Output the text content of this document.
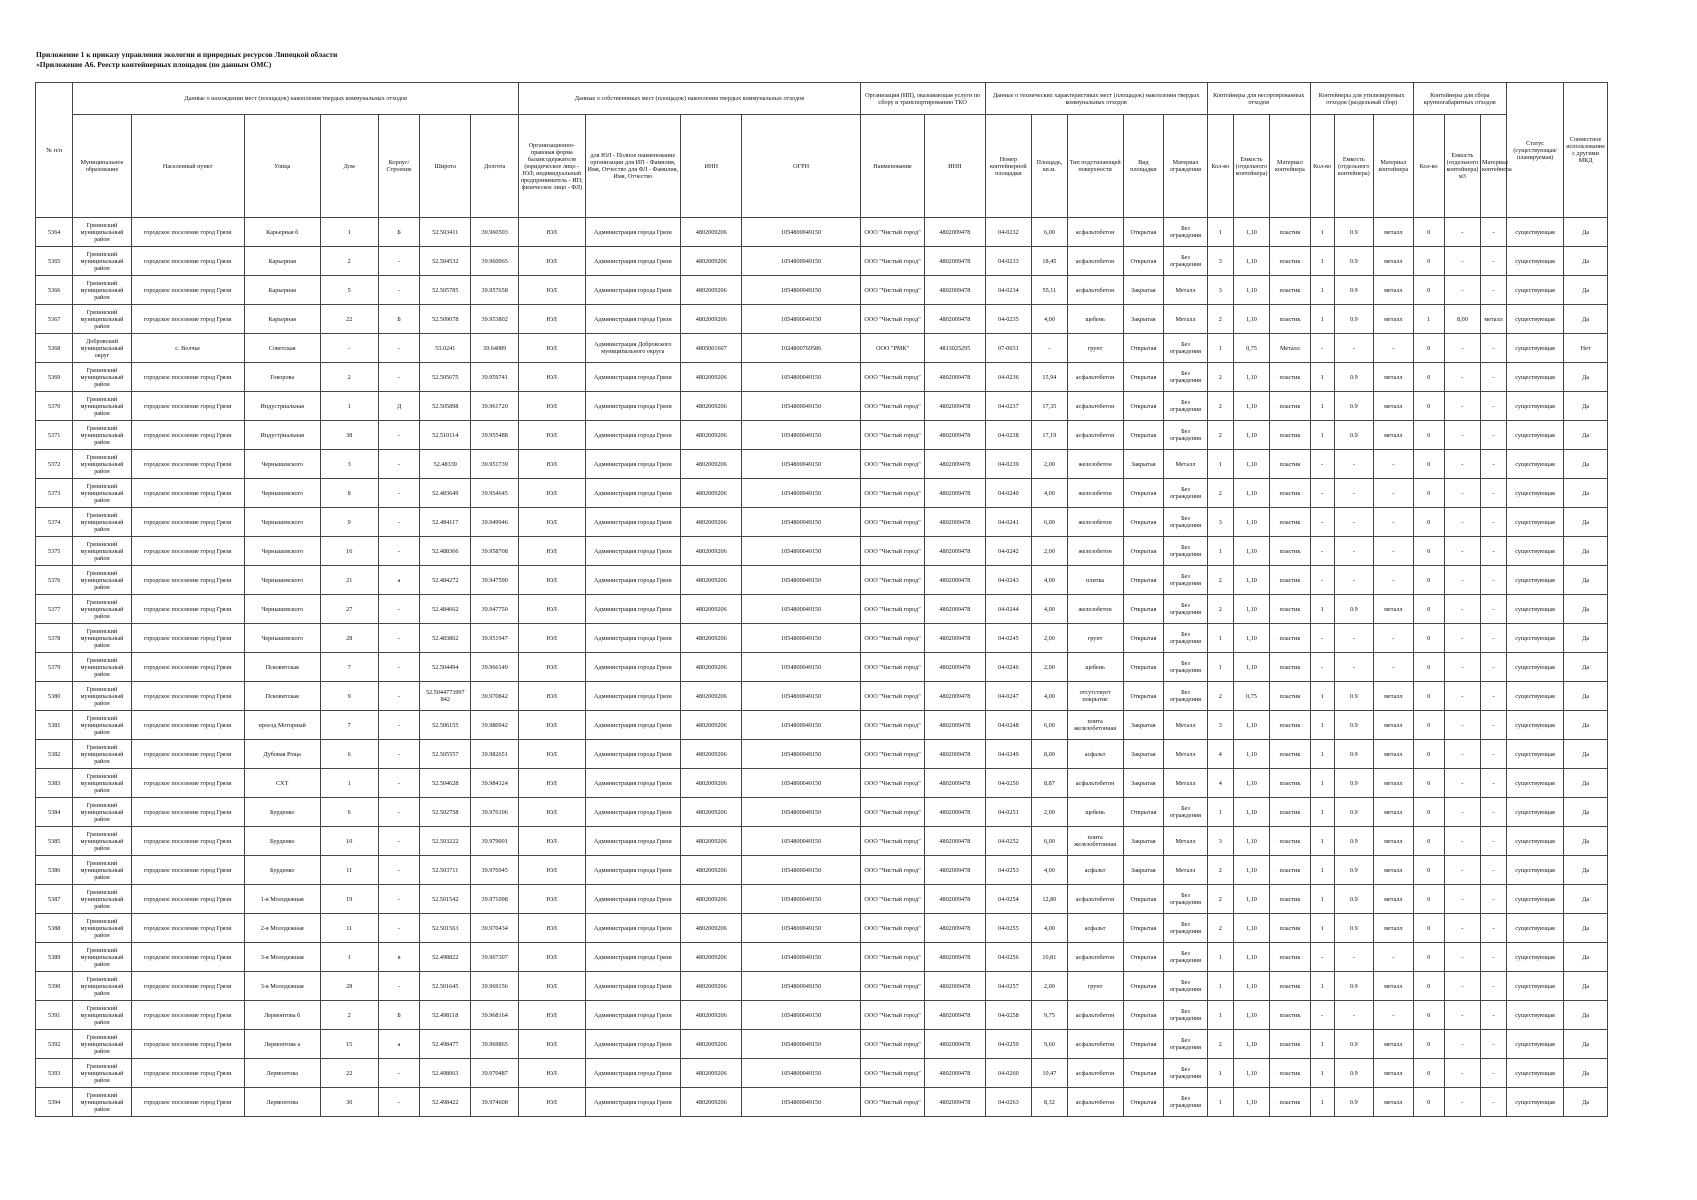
Приложение 1 к приказу управления экологии и природных ресурсов Липецкой области
«Приложение А6. Реестр контейнерных площадок (по данным ОМС)
№ п/п	Данные о нахождении мест (площадок) накопления твердых коммунальных отходов							Данные о собственниках мест (площадок) накопления твердых коммунальных отходов				Организация (ИП), оказывающая услуги по сбору и транспортированию ТКО		Данные о технических характеристиках мест (площадок) накопления твердых коммунальных отходов					Контейнеры для несортированных отходов			Контейнеры для утилизируемых отходов (раздельный сбор)			Контейнеры для сбора крупногабаритных отходов			Статус (существующая/ планируемая)	Совместное использование с другими МКД
	Муниципальное образование	Населенный пункт	Улица	Дом	Корпус/Строение	Широта	Долгота	Организационно-правовая форма балансодержателя (юридическое лицо - ЮЛ; индивидуальный предприниматель - ИП; физическое лицо - ФЛ)	для ЮЛ - Полное наименование организации для ИП - Фамилия, Имя, Отчество для ФЛ - Фамилия, Имя, Отчество	ИНН	ОГРН	Наименование	ИНН	Номер контейнерной площадки	Площадь, кв.м.	Тип подстилающей поверхности	Вид площадки	Материал ограждения	Кол-во	Емкость (отдельного контейнера)	Материал контейнера	Кол-во	Емкость (отдельного контейнера)	Материал контейнера	Кол-во	Емкость (отдельного контейнера) м3	Материал контейнера		
5364	Грязинский муниципальный район	городское поселение город Грязи	Карьерная б	1	Б	52.503411	39.960503	ЮЛ	Администрация города Грязи	4802009206	1054800049150	ООО "Чистый город"	4802009478	04-0232	6,00	асфальтобетон	Открытая	Без ограждения	1	1,10	пластик	1	0.9	металл	0	-	-	существующая	Да
5365	Грязинский муниципальный район	городское поселение город Грязи	Карьерная	2	-	52.504532	39.960065	ЮЛ	Администрация города Грязи	4802009206	1054800049150	ООО "Чистый город"	4802009478	04-0233	18,45	асфальтобетон	Открытая	Без ограждения	3	1,10	пластик	1	0.9	металл	0	-	-	существующая	Да
5366	Грязинский муниципальный район	городское поселение город Грязи	Карьерная	5	-	52.505785	39.957658	ЮЛ	Администрация города Грязи	4802009206	1054800049150	ООО "Чистый город"	4802009478	04-0234	55,11	асфальтобетон	Закрытая	Металл	3	1,10	пластик	1	0.9	металл	0	-	-	существующая	Да
5367	Грязинский муниципальный район	городское поселение город Грязи	Карьерная	22	Б	52.509078	39.953802	ЮЛ	Администрация города Грязи	4802009206	1054800049150	ООО "Чистый город"	4802009478	04-0235	4,00	щебень	Закрытая	Металл	2	1,10	пластик	1	0.9	металл	1	8,00	металл	существующая	Да
5368	Добровский муниципальный округ	с. Волчье	Советская	-	-	53.0241	39.64089	ЮЛ	Администрация Добровского муниципального округа	4805001607	1024800769586	ООО "РМК"	4813025295	07-0031	-	грунт	Открытая	Без ограждения	1	0,75	Металл	-	-	-	0	-	-	существующая	Нет
5369	Грязинский муниципальный район	городское поселение город Грязи	Говорова	2	-	52.505675	39.959741	ЮЛ	Администрация города Грязи	4802009206	1054800049150	ООО "Чистый город"	4802009478	04-0236	15,94	асфальтобетон	Открытая	Без ограждения	2	1,10	пластик	1	0.9	металл	0	-	-	существующая	Да
5370	Грязинский муниципальный район	городское поселение город Грязи	Индустриальная	1	Д	52.505898	39.961720	ЮЛ	Администрация города Грязи	4802009206	1054800049150	ООО "Чистый город"	4802009478	04-0237	17,35	асфальтобетон	Открытая	Без ограждения	2	1,10	пластик	1	0.9	металл	0	-	-	существующая	Да
5371	Грязинский муниципальный район	городское поселение город Грязи	Индустриальная	38	-	52.510114	39.955488	ЮЛ	Администрация города Грязи	4802009206	1054800049150	ООО "Чистый город"	4802009478	04-0238	17,19	асфальтобетон	Открытая	Без ограждения	2	1,10	пластик	1	0.9	металл	0	-	-	существующая	Да
5372	Грязинский муниципальный район	городское поселение город Грязи	Чернышевского	3	-	52.48339	39.951739	ЮЛ	Администрация города Грязи	4802009206	1054800049150	ООО "Чистый город"	4802009478	04-0239	2,00	железобетон	Закрытая	Металл	1	1,10	пластик	-	-	-	0	-	-	существующая	Да
5373	Грязинский муниципальный район	городское поселение город Грязи	Чернышевского	8	-	52.483649	39.954645	ЮЛ	Администрация города Грязи	4802009206	1054800049150	ООО "Чистый город"	4802009478	04-0240	4,00	железобетон	Открытая	Без ограждения	2	1,10	пластик	-	-	-	0	-	-	существующая	Да
5374	Грязинский муниципальный район	городское поселение город Грязи	Чернышевского	9	-	52.484117	39.949946	ЮЛ	Администрация города Грязи	4802009206	1054800049150	ООО "Чистый город"	4802009478	04-0241	6,00	железобетон	Открытая	Без ограждения	3	1,10	пластик	-	-	-	0	-	-	существующая	Да
5375	Грязинский муниципальный район	городское поселение город Грязи	Чернышевского	16	-	52.488366	39.958708	ЮЛ	Администрация города Грязи	4802009206	1054800049150	ООО "Чистый город"	4802009478	04-0242	2,00	железобетон	Открытая	Без ограждения	1	1,10	пластик	-	-	-	0	-	-	существующая	Да
5376	Грязинский муниципальный район	городское поселение город Грязи	Чернышевского	21	а	52.484272	39.947590	ЮЛ	Администрация города Грязи	4802009206	1054800049150	ООО "Чистый город"	4802009478	04-0243	4,00	плитка	Открытая	Без ограждения	2	1,10	пластик	-	-	-	0	-	-	существующая	Да
5377	Грязинский муниципальный район	городское поселение город Грязи	Чернышевского	27	-	52.484662	39.947750	ЮЛ	Администрация города Грязи	4802009206	1054800049150	ООО "Чистый город"	4802009478	04-0244	4,00	железобетон	Открытая	Без ограждения	2	1,10	пластик	1	0.9	металл	0	-	-	существующая	Да
5378	Грязинский муниципальный район	городское поселение город Грязи	Чернышевского	28	-	52.483862	39.951947	ЮЛ	Администрация города Грязи	4802009206	1054800049150	ООО "Чистый город"	4802009478	04-0245	2,00	грунт	Открытая	Без ограждения	1	1,10	пластик	-	-	-	0	-	-	существующая	Да
5379	Грязинский муниципальный район	городское поселение город Грязи	Псковитская	7	-	52.504494	39.966149	ЮЛ	Администрация города Грязи	4802009206	1054800049150	ООО "Чистый город"	4802009478	04-0246	2,00	щебень	Открытая	Без ограждения	1	1,10	пластик	-	-	-	0	-	-	существующая	Да
5380	Грязинский муниципальный район	городское поселение город Грязи	Псковитская	9	-	52.5044773997 842	39.970842	ЮЛ	Администрация города Грязи	4802009206	1054800049150	ООО "Чистый город"	4802009478	04-0247	4,00	отсутствует покрытие	Открытая	Без ограждения	2	0,75	пластик	1	0.9	металл	0	-	-	существующая	Да
5381	Грязинский муниципальный район	городское поселение город Грязи	проезд Моторный	7	-	52.506155	39.980942	ЮЛ	Администрация города Грязи	4802009206	1054800049150	ООО "Чистый город"	4802009478	04-0248	6,00	плита железобетонная	Закрытая	Металл	3	1,10	пластик	1	0.9	металл	0	-	-	существующая	Да
5382	Грязинский муниципальный район	городское поселение город Грязи	Дубовая Роща	6	-	52.505557	39.982651	ЮЛ	Администрация города Грязи	4802009206	1054800049150	ООО "Чистый город"	4802009478	04-0249	8,00	асфальт	Закрытая	Металл	4	1,10	пластик	1	0.9	металл	0	-	-	существующая	Да
5383	Грязинский муниципальный район	городское поселение город Грязи	СХТ	1	-	52.504628	39.984324	ЮЛ	Администрация города Грязи	4802009206	1054800049150	ООО "Чистый город"	4802009478	04-0250	8,87	асфальтобетон	Закрытая	Металл	4	1,10	пластик	1	0.9	металл	0	-	-	существующая	Да
5384	Грязинский муниципальный район	городское поселение город Грязи	Бурденко	6	-	52.502758	39.976106	ЮЛ	Администрация города Грязи	4802009206	1054800049150	ООО "Чистый город"	4802009478	04-0251	2,00	щебень	Открытая	Без ограждения	1	1,10	пластик	1	0.9	металл	0	-	-	существующая	Да
5385	Грязинский муниципальный район	городское поселение город Грязи	Бурденко	10	-	52.503222	39.979001	ЮЛ	Администрация города Грязи	4802009206	1054800049150	ООО "Чистый город"	4802009478	04-0252	6,00	плита железобетонная	Закрытая	Металл	3	1,10	пластик	1	0.9	металл	0	-	-	существующая	Да
5386	Грязинский муниципальный район	городское поселение город Грязи	Бурденко	11	-	52.503711	39.976945	ЮЛ	Администрация города Грязи	4802009206	1054800049150	ООО "Чистый город"	4802009478	04-0253	4,00	асфальт	Закрытая	Металл	2	1,10	пластик	1	0.9	металл	0	-	-	существующая	Да
5387	Грязинский муниципальный район	городское поселение город Грязи	1-я Молодежная	19	-	52.501542	39.971098	ЮЛ	Администрация города Грязи	4802009206	1054800049150	ООО "Чистый город"	4802009478	04-0254	12,80	асфальтобетон	Открытая	Без ограждения	2	1,10	пластик	1	0.9	металл	0	-	-	существующая	Да
5388	Грязинский муниципальный район	городское поселение город Грязи	2-я Молодежная	11	-	52.501563	39.970434	ЮЛ	Администрация города Грязи	4802009206	1054800049150	ООО "Чистый город"	4802009478	04-0255	4,00	асфальт	Открытая	Без ограждения	2	1,10	пластик	1	0.9	металл	0	-	-	существующая	Да
5389	Грязинский муниципальный район	городское поселение город Грязи	3-я Молодежная	1	в	52.498822	39.967307	ЮЛ	Администрация города Грязи	4802009206	1054800049150	ООО "Чистый город"	4802009478	04-0256	10,81	асфальтобетон	Открытая	Без ограждения	1	1,10	пластик	-	-	-	0	-	-	существующая	Да
5390	Грязинский муниципальный район	городское поселение город Грязи	3-я Молодежная	28	-	52.501645	39.969156	ЮЛ	Администрация города Грязи	4802009206	1054800049150	ООО "Чистый город"	4802009478	04-0257	2,00	грунт	Открытая	Без ограждения	1	1,10	пластик	1	0.9	металл	0	-	-	существующая	Да
5391	Грязинский муниципальный район	городское поселение город Грязи	Лермонтова б	2	Б	52.498118	39.968164	ЮЛ	Администрация города Грязи	4802009206	1054800049150	ООО "Чистый город"	4802009478	04-0258	9,75	асфальтобетон	Открытая	Без ограждения	1	1,10	пластик	-	-	-	0	-	-	существующая	Да
5392	Грязинский муниципальный район	городское поселение город Грязи	Лермонтова а	15	а	52.498477	39.969865	ЮЛ	Администрация города Грязи	4802009206	1054800049150	ООО "Чистый город"	4802009478	04-0259	9,60	асфальтобетон	Открытая	Без ограждения	2	1,10	пластик	1	0.9	металл	0	-	-	существующая	Да
5393	Грязинский муниципальный район	городское поселение город Грязи	Лермонтова	22	-	52.498063	39.970487	ЮЛ	Администрация города Грязи	4802009206	1054800049150	ООО "Чистый город"	4802009478	04-0260	10,47	асфальтобетон	Открытая	Без ограждения	1	1,10	пластик	1	0.9	металл	0	-	-	существующая	Да
5394	Грязинский муниципальный район	городское поселение город Грязи	Лермонтова	30	-	52.498422	39.974608	ЮЛ	Администрация города Грязи	4802009206	1054800049150	ООО "Чистый город"	4802009478	04-0263	8,32	асфальтобетон	Открытая	Без ограждения	1	1,10	пластик	1	0.9	металл	0	-	-	существующая	Да
